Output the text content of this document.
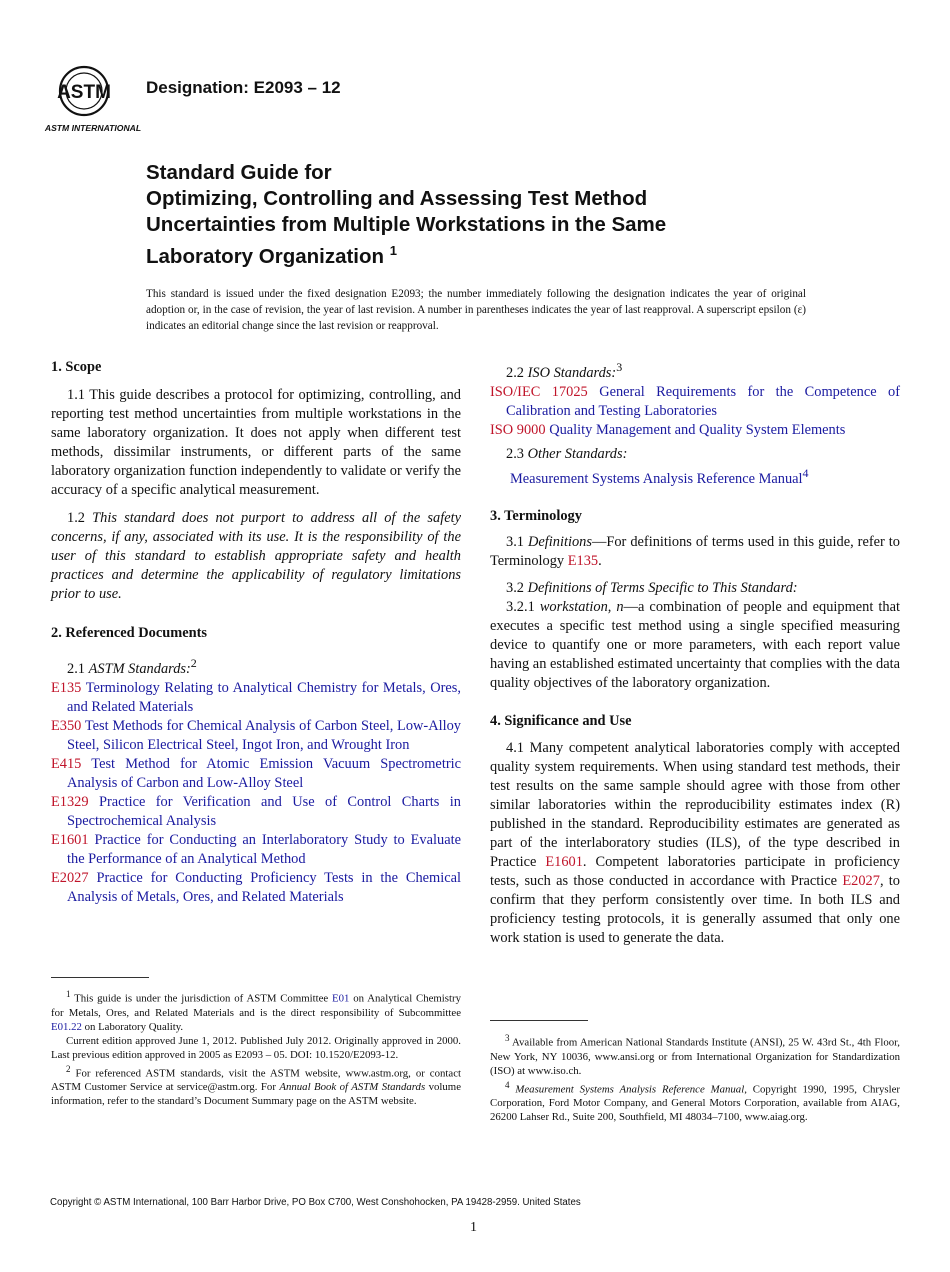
ASTM
ASTM INTERNATIONAL
Designation: E2093 – 12
Standard Guide for
Optimizing, Controlling and Assessing Test Method
Uncertainties from Multiple Workstations in the Same
Laboratory Organization $^1$
This standard is issued under the fixed designation E2093; the number immediately following the designation indicates the year of original adoption or, in the case of revision, the year of last revision. A number in parentheses indicates the year of last reapproval. A superscript epsilon (ε) indicates an editorial change since the last revision or reapproval.

1. Scope

1.1 This guide describes a protocol for optimizing, controlling, and reporting test method uncertainties from multiple workstations in the same laboratory organization. It does not apply when different test methods, dissimilar instruments, or different parts of the same laboratory organization function independently to validate or verify the accuracy of a specific analytical measurement.

1.2 This standard does not purport to address all of the safety concerns, if any, associated with its use. It is the responsibility of the user of this standard to establish appropriate safety and health practices and determine the applicability of regulatory limitations prior to use.

2. Referenced Documents

2.1 ASTM Standards:$^2$

E135 Terminology Relating to Analytical Chemistry for Metals, Ores, and Related Materials

E350 Test Methods for Chemical Analysis of Carbon Steel, Low-Alloy Steel, Silicon Electrical Steel, Ingot Iron, and Wrought Iron

E415 Test Method for Atomic Emission Vacuum Spectrometric Analysis of Carbon and Low-Alloy Steel

E1329 Practice for Verification and Use of Control Charts in Spectrochemical Analysis

E1601 Practice for Conducting an Interlaboratory Study to Evaluate the Performance of an Analytical Method

E2027 Practice for Conducting Proficiency Tests in the Chemical Analysis of Metals, Ores, and Related Materials

$^1$ This guide is under the jurisdiction of ASTM Committee E01 on Analytical Chemistry for Metals, Ores, and Related Materials and is the direct responsibility of Subcommittee E01.22 on Laboratory Quality.

Current edition approved June 1, 2012. Published July 2012. Originally approved in 2000. Last previous edition approved in 2005 as E2093 – 05. DOI: 10.1520/E2093-12.

$^2$ For referenced ASTM standards, visit the ASTM website, www.astm.org, or contact ASTM Customer Service at service@astm.org. For Annual Book of ASTM Standards volume information, refer to the standard’s Document Summary page on the ASTM website.

2.2 ISO Standards:$^3$

ISO/IEC 17025 General Requirements for the Competence of Calibration and Testing Laboratories

ISO 9000 Quality Management and Quality System Elements

2.3 Other Standards:

Measurement Systems Analysis Reference Manual$^4$

3. Terminology

3.1 Definitions—For definitions of terms used in this guide, refer to Terminology E135.

3.2 Definitions of Terms Specific to This Standard:

3.2.1 workstation, n—a combination of people and equipment that executes a specific test method using a single specified measuring device to quantify one or more parameters, with each report value having an established estimated uncertainty that complies with the data quality objectives of the laboratory organization.

4. Significance and Use

4.1 Many competent analytical laboratories comply with accepted quality system requirements. When using standard test methods, their test results on the same sample should agree with those from other similar laboratories within the reproducibility estimates index (R) published in the standard. Reproducibility estimates are generated as part of the interlaboratory studies (ILS), of the type described in Practice E1601. Competent laboratories participate in proficiency tests, such as those conducted in accordance with Practice E2027, to confirm that they perform consistently over time. In both ILS and proficiency testing protocols, it is generally assumed that only one work station is used to generate the data.

$^3$ Available from American National Standards Institute (ANSI), 25 W. 43rd St., 4th Floor, New York, NY 10036, www.ansi.org or from International Organization for Standardization (ISO) at www.iso.ch.

$^4$ Measurement Systems Analysis Reference Manual, Copyright 1990, 1995, Chrysler Corporation, Ford Motor Company, and General Motors Corporation, available from AIAG, 26200 Lahser Rd., Suite 200, Southfield, MI 48034–7100, www.aiag.org.

Copyright © ASTM International, 100 Barr Harbor Drive, PO Box C700, West Conshohocken, PA 19428-2959. United States
1
